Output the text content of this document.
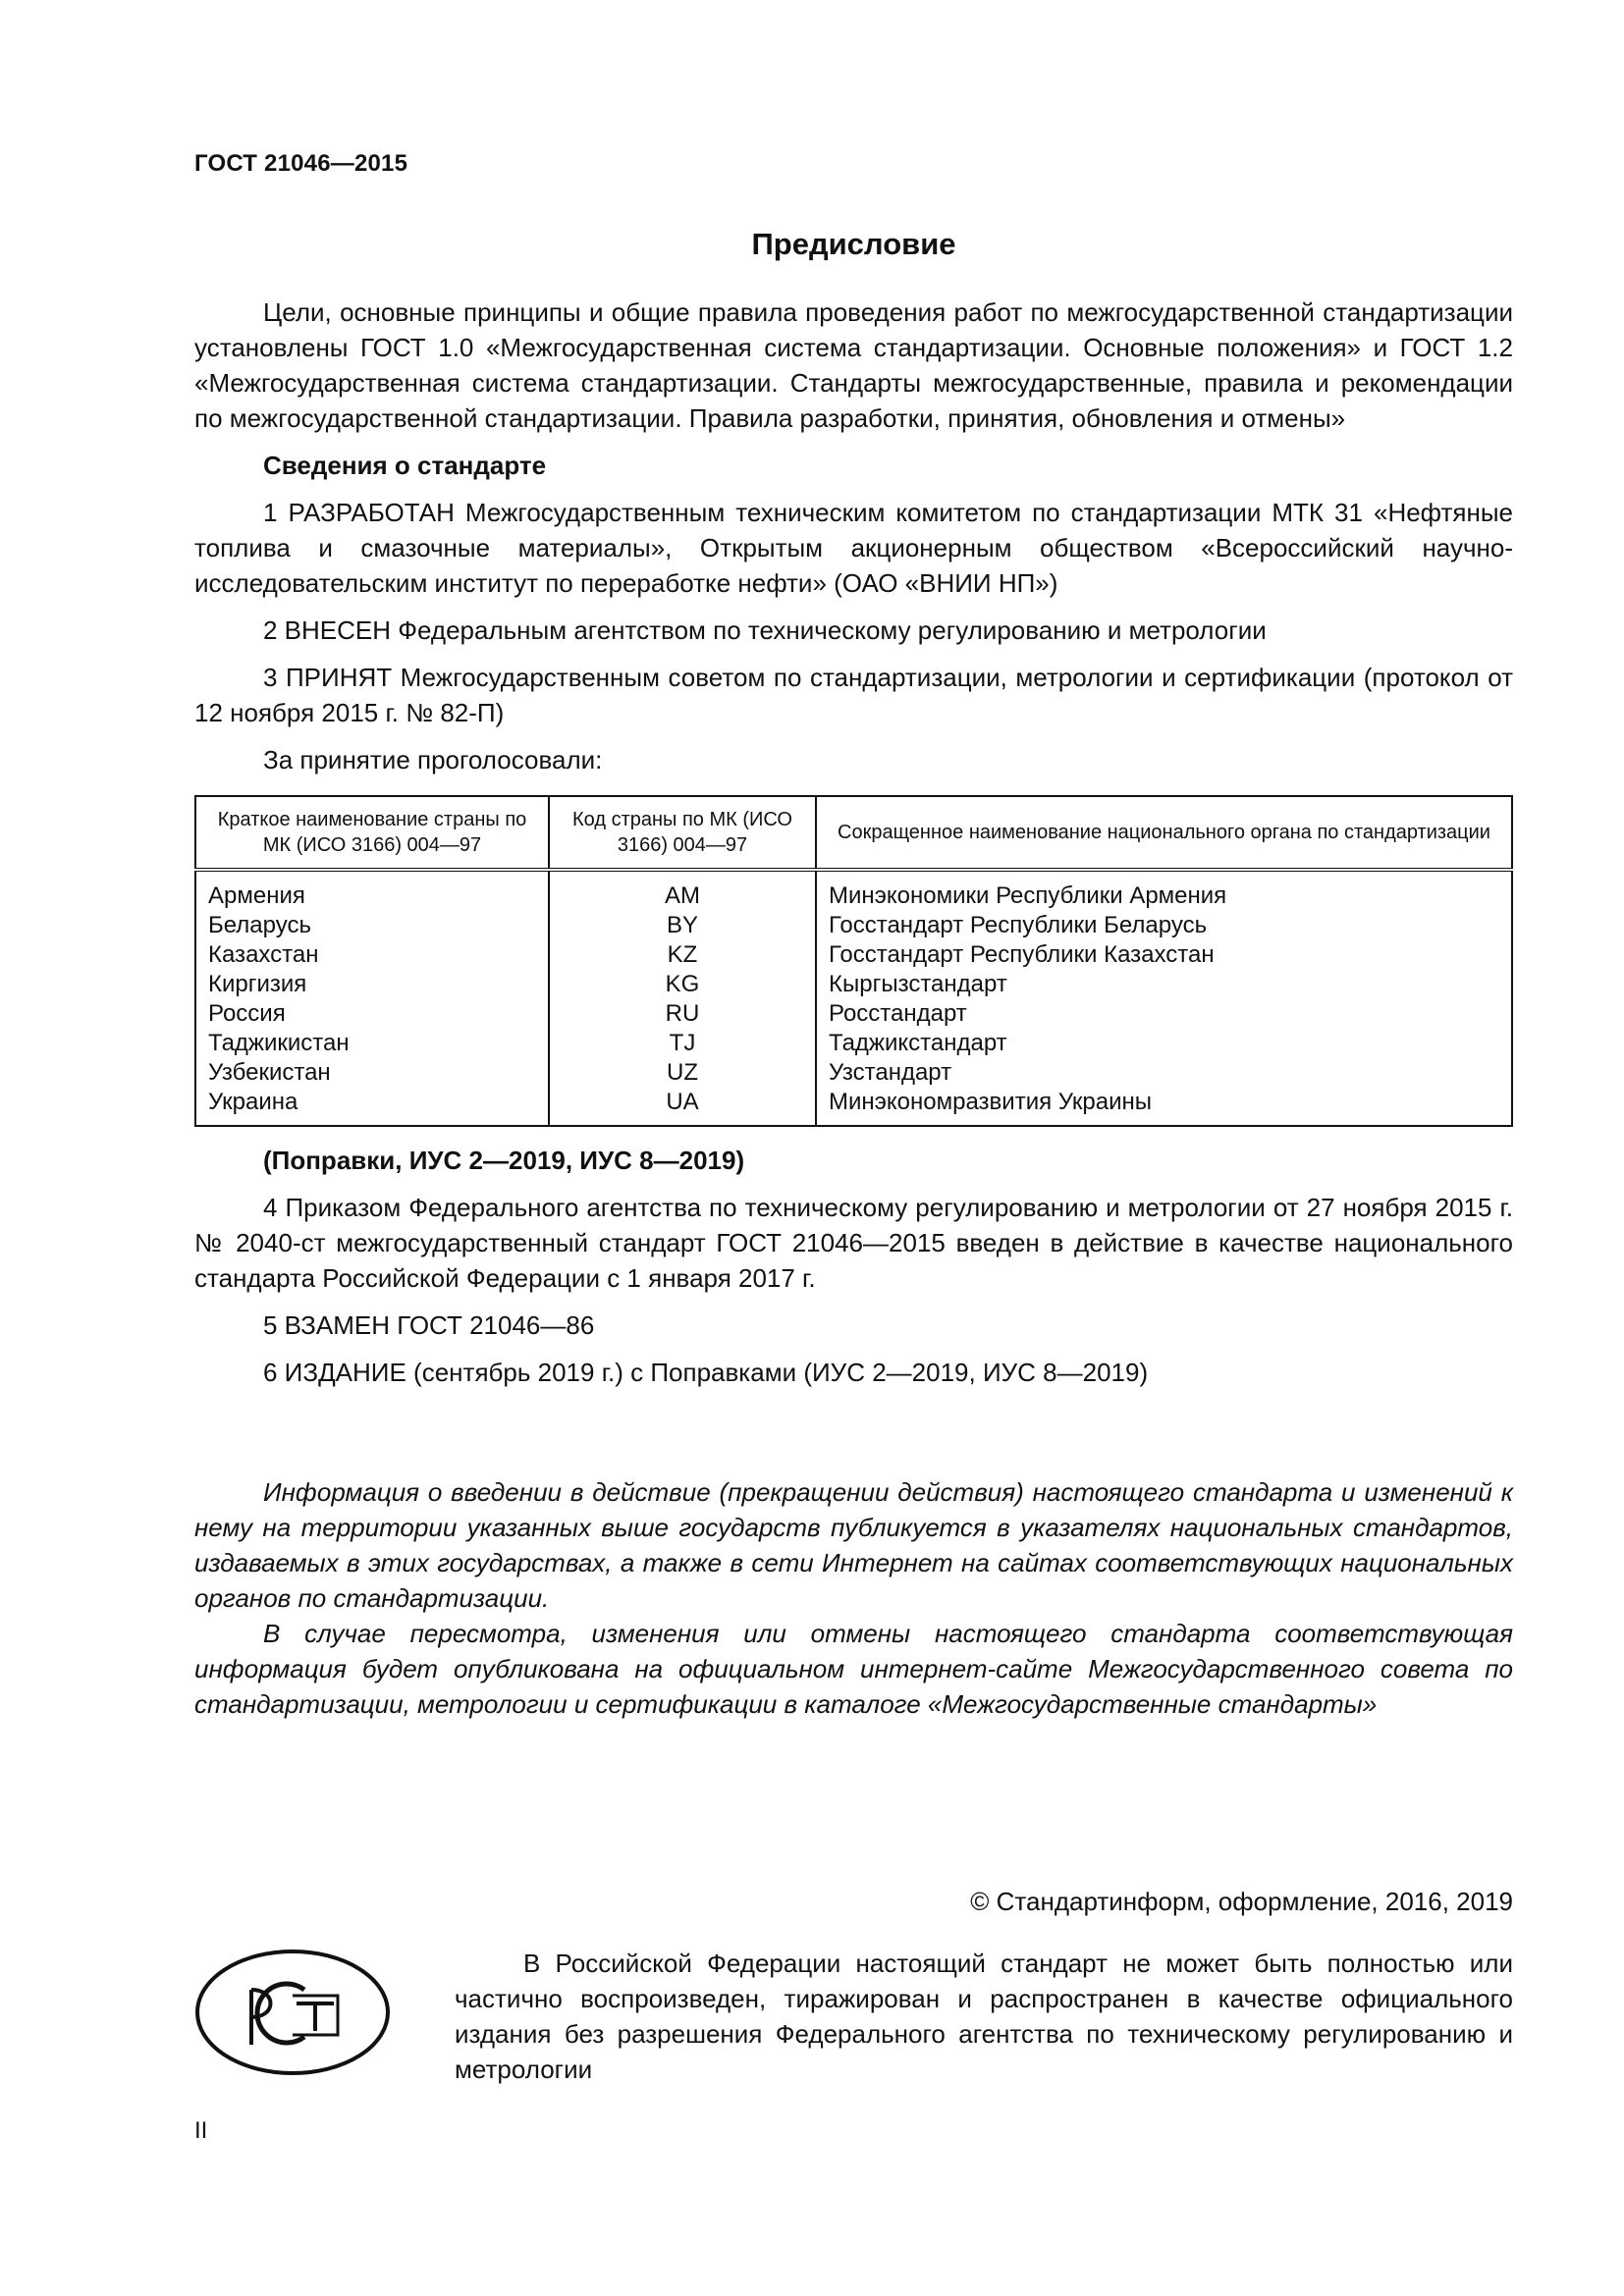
ГОСТ 21046—2015
Предисловие

Цели, основные принципы и общие правила проведения работ по межгосударственной стандартизации установлены ГОСТ 1.0 «Межгосударственная система стандартизации. Основные положения» и ГОСТ 1.2 «Межгосударственная система стандартизации. Стандарты межгосударственные, правила и рекомендации по межгосударственной стандартизации. Правила разработки, принятия, обновления и отмены»

Сведения о стандарте

1 РАЗРАБОТАН Межгосударственным техническим комитетом по стандартизации МТК 31 «Нефтяные топлива и смазочные материалы», Открытым акционерным обществом «Всероссийский научно-исследовательским институт по переработке нефти» (ОАО «ВНИИ НП»)

2 ВНЕСЕН Федеральным агентством по техническому регулированию и метрологии

3 ПРИНЯТ Межгосударственным советом по стандартизации, метрологии и сертификации (протокол от 12 ноября 2015 г. № 82-П)

За принятие проголосовали:

Краткое наименование страны по МК (ИСО 3166) 004—97	Код страны по МК (ИСО 3166) 004—97	Сокращенное наименование национального органа по стандартизации
Армения	AM	Минэкономики Республики Армения
Беларусь	BY	Госстандарт Республики Беларусь
Казахстан	KZ	Госстандарт Республики Казахстан
Киргизия	KG	Кыргызстандарт
Россия	RU	Росстандарт
Таджикистан	TJ	Таджикстандарт
Узбекистан	UZ	Узстандарт
Украина	UA	Минэкономразвития Украины

(Поправки, ИУС 2—2019, ИУС 8—2019)

4 Приказом Федерального агентства по техническому регулированию и метрологии от 27 ноября 2015 г. № 2040-ст межгосударственный стандарт ГОСТ 21046—2015 введен в действие в качестве национального стандарта Российской Федерации с 1 января 2017 г.

5 ВЗАМЕН ГОСТ 21046—86

6 ИЗДАНИЕ (сентябрь 2019 г.) с Поправками (ИУС 2—2019, ИУС 8—2019)

Информация о введении в действие (прекращении действия) настоящего стандарта и изменений к нему на территории указанных выше государств публикуется в указателях национальных стандартов, издаваемых в этих государствах, а также в сети Интернет на сайтах соответствующих национальных органов по стандартизации.

В случае пересмотра, изменения или отмены настоящего стандарта соответствующая информация будет опубликована на официальном интернет-сайте Межгосударственного совета по стандартизации, метрологии и сертификации в каталоге «Межгосударственные стандарты»

© Стандартинформ, оформление, 2016, 2019

В Российской Федерации настоящий стандарт не может быть полностью или частично воспроизведен, тиражирован и распространен в качестве официального издания без разрешения Федерального агентства по техническому регулированию и метрологии

II
